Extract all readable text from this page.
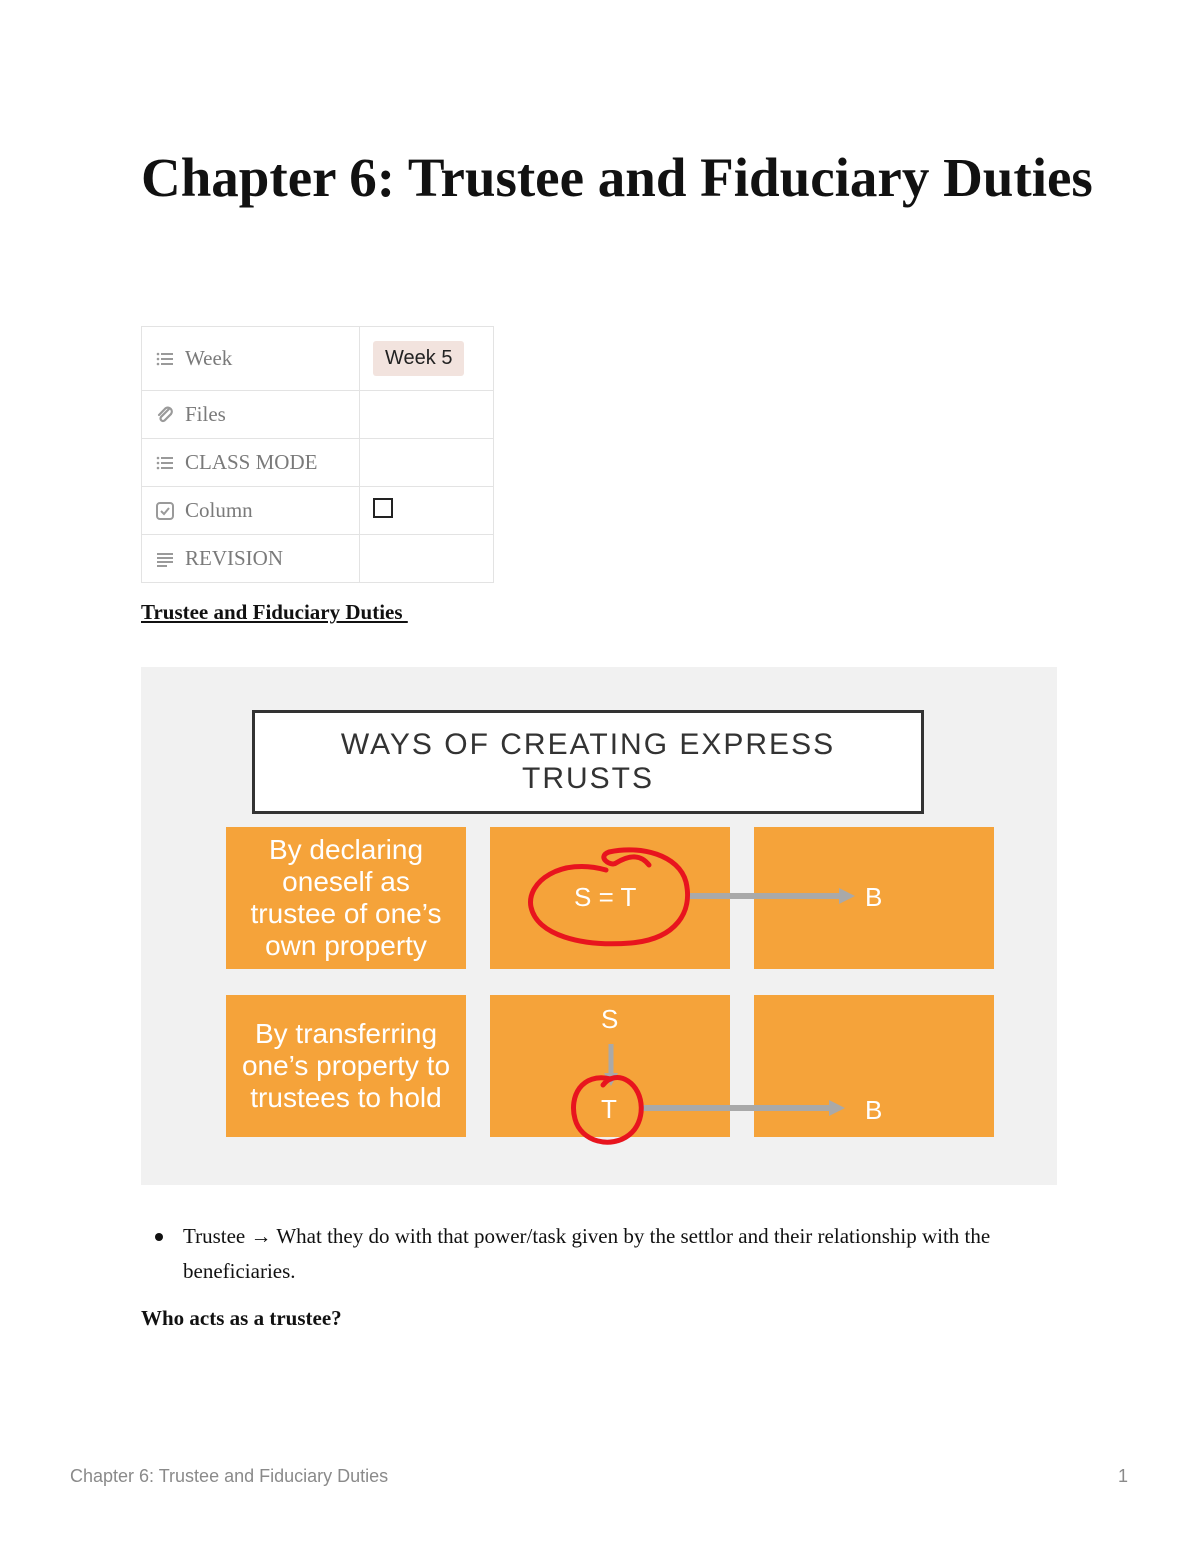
Chapter 6: Trustee and Fiduciary Duties
Week	Week 5

Files	

CLASS MODE	

Column	

REVISION	

Trustee and Fiduciary Duties
WAYS OF CREATING EXPRESS TRUSTS
By declaring oneself as trustee of one’s own property
By transferring one’s property to trustees to hold
S = T	B
S
T	B
Trustee → What they do with that power/task given by the settlor and their relationship with the beneficiaries.
Who acts as a trustee?
Chapter 6: Trustee and Fiduciary Duties	1
